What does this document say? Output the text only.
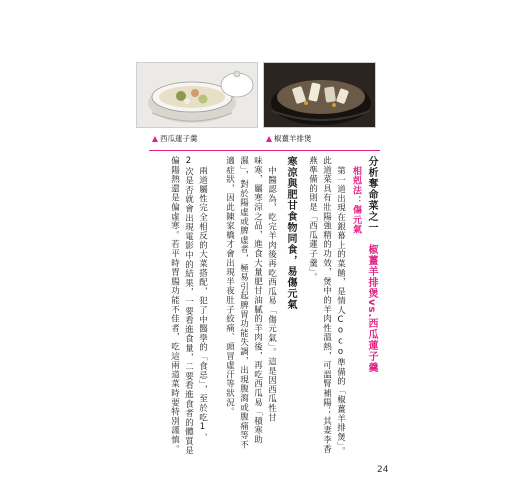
西瓜蓮子羹	椒薑羊排煲
分析奪命菜之一　椒薑羊排煲vs.西瓜蓮子羹
相剋法：傷元氣
第一道出現在銀幕上的菜餚，是情人Coco準備的「椒薑羊排煲」。
此道菜具有壯陽強精的功效，煲中的羊肉性溫熱，可溫腎補陽；其妻李香
燕準備的則是「西瓜蓮子羹」。
寒涼與肥甘食物同食，易傷元氣
中醫認為，吃完羊肉後再吃西瓜易「傷元氣」。這是因西瓜性甘
味寒，屬寒涼之品，進食大量肥甘油膩的羊肉後，再吃西瓜易「積寒助
濕」，對於陽虛或脾虛者，極易引起脾胃功能失調，出現腹瀉或腹痛等不
適症狀，因此陳家橋才會出現半夜肚子絞痛、頭冒虛汗等狀況。
兩道屬性完全相反的大菜搭配，犯了中醫學的「食忌」，至於吃1、
2次是否就會出現電影中的結果，一要看進食量，二要看進食者的體質是
偏陽熱還是偏虛寒。若平時胃腸功能不佳者，吃這兩道菜時要特別謹慎。
24
